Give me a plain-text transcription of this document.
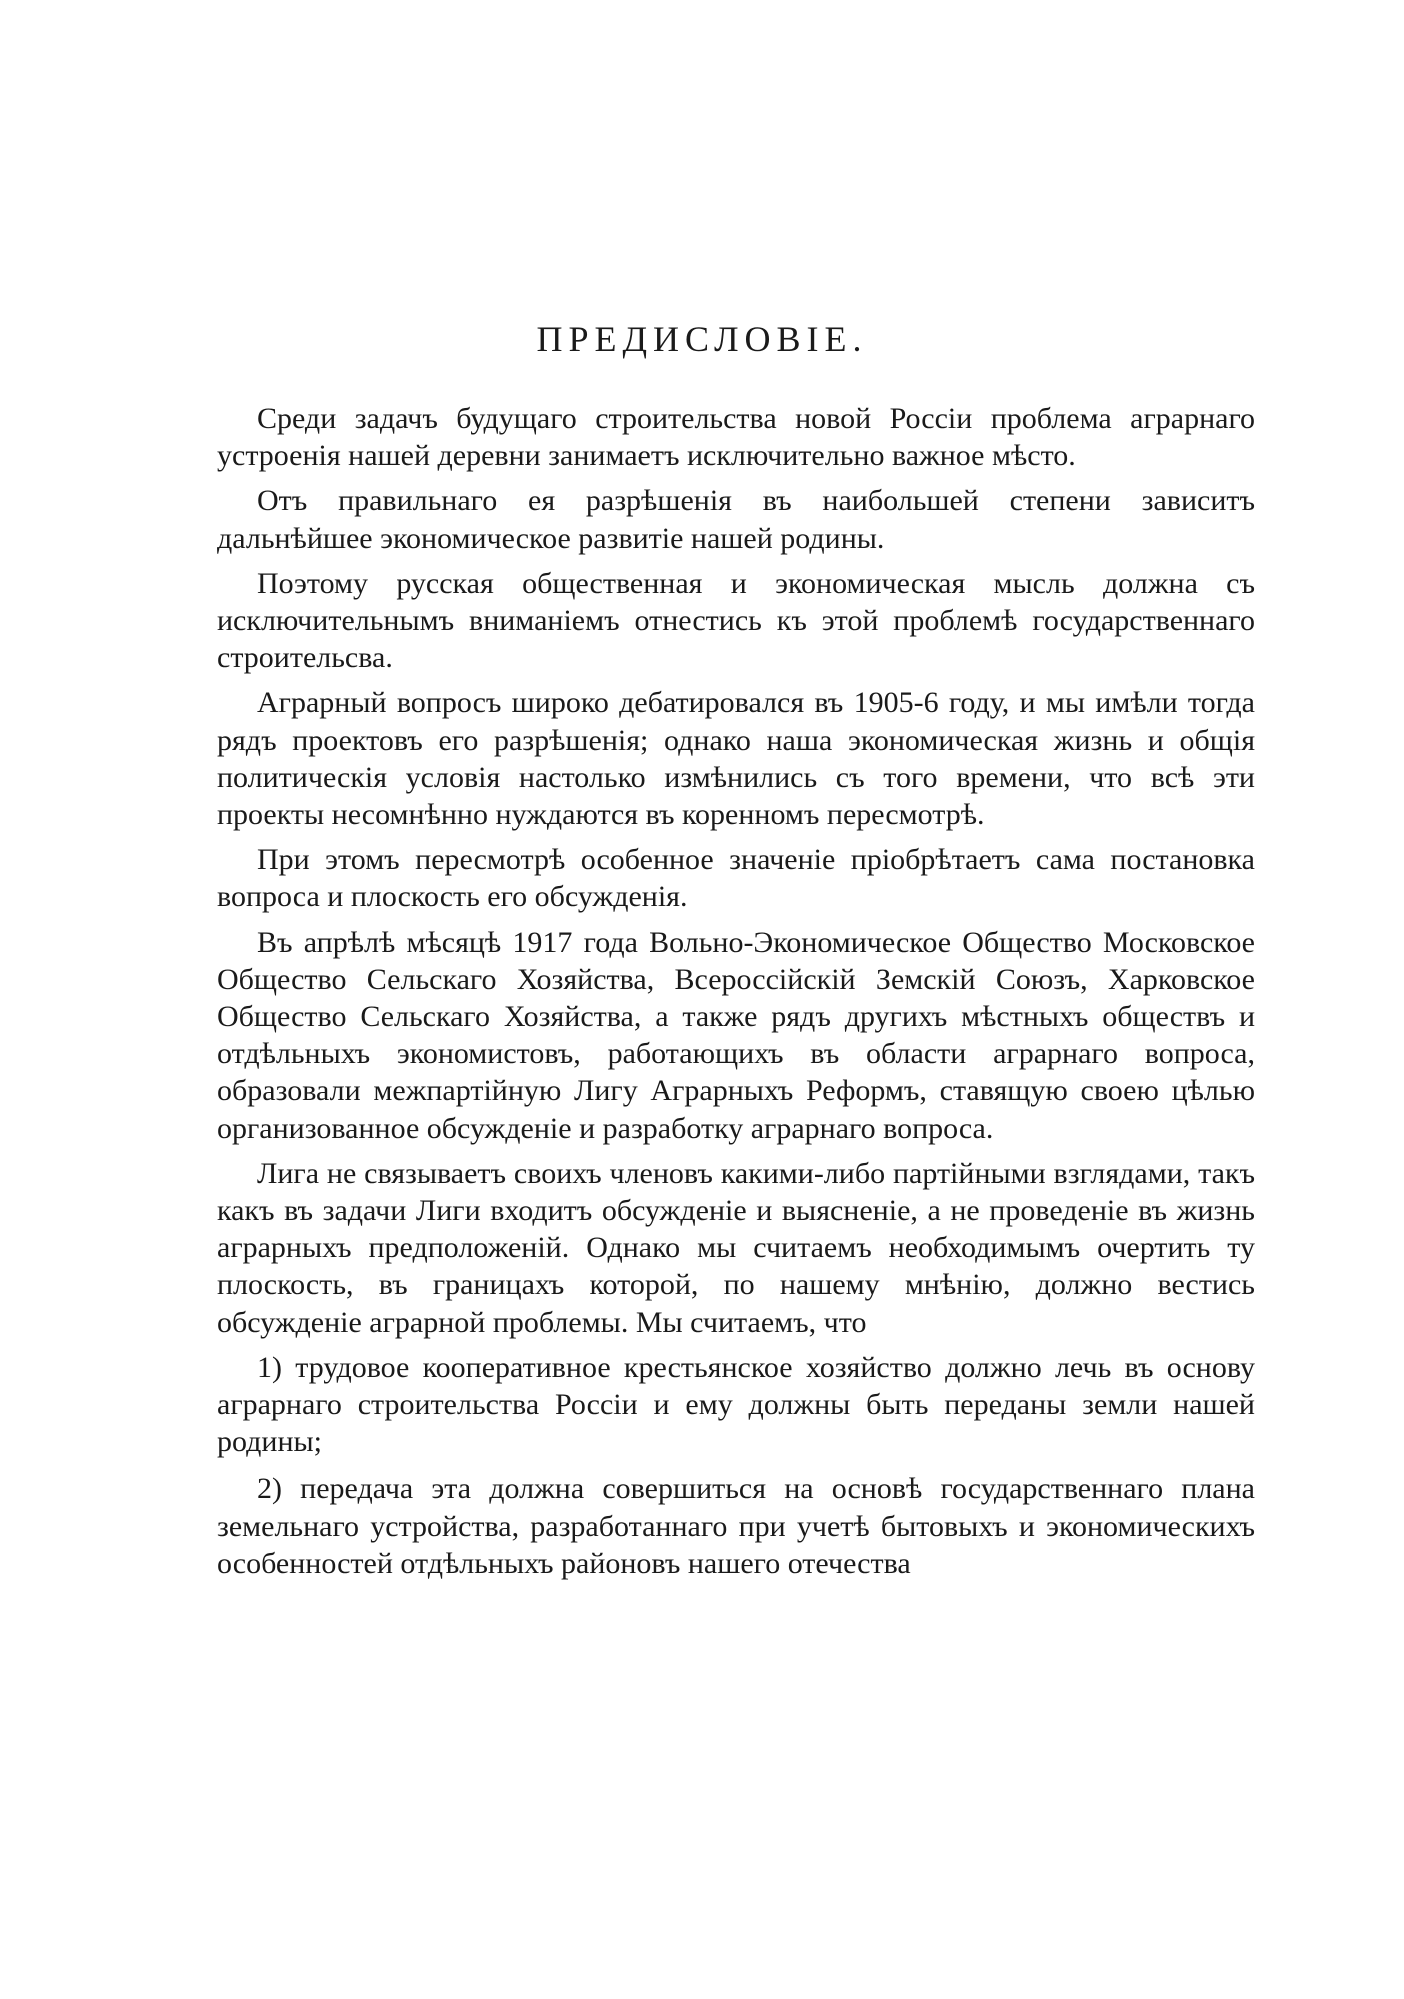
ПРЕДИСЛОВІЕ.

Среди задачъ будущаго строительства новой Россіи проблема аграрнаго устроенія нашей деревни занимаетъ исключительно важное мѣсто.

Отъ правильнаго ея разрѣшенія въ наибольшей степени зависитъ дальнѣйшее экономическое развитіе нашей родины.

Поэтому русская общественная и экономическая мысль должна съ исключительнымъ вниманіемъ отнестись къ этой проблемѣ государственнаго строительсва.

Аграрный вопросъ широко дебатировался въ 1905-6 году, и мы имѣли тогда рядъ проектовъ его разрѣшенія; однако наша экономическая жизнь и общія политическія условія настолько измѣнились съ того времени, что всѣ эти проекты несомнѣнно нуждаются въ коренномъ пересмотрѣ.

При этомъ пересмотрѣ особенное значеніе пріобрѣтаетъ сама постановка вопроса и плоскость его обсужденія.

Въ апрѣлѣ мѣсяцѣ 1917 года Вольно-Экономическое Общество Московское Общество Сельскаго Хозяйства, Всероссійскій Земскій Союзъ, Харковское Общество Сельскаго Хозяйства, а также рядъ другихъ мѣстныхъ обществъ и отдѣльныхъ экономистовъ, работающихъ въ области аграрнаго вопроса, образовали межпартійную Лигу Аграрныхъ Реформъ, ставящую своею цѣлью организованное обсужденіе и разработку аграрнаго вопроса.

Лига не связываетъ своихъ членовъ какими-либо партійными взглядами, такъ какъ въ задачи Лиги входитъ обсужденіе и выясненіе, а не проведеніе въ жизнь аграрныхъ предположеній. Однако мы считаемъ необходимымъ очертить ту плоскость, въ границахъ которой, по нашему мнѣнію, должно вестись обсужденіе аграрной проблемы. Мы считаемъ, что

1) трудовое кооперативное крестьянское хозяйство должно лечь въ основу аграрнаго строительства Россіи и ему должны быть переданы земли нашей родины;

2) передача эта должна совершиться на основѣ государственнаго плана земельнаго устройства, разработаннаго при учетѣ бытовыхъ и экономическихъ особенностей отдѣльныхъ районовъ нашего отечества
